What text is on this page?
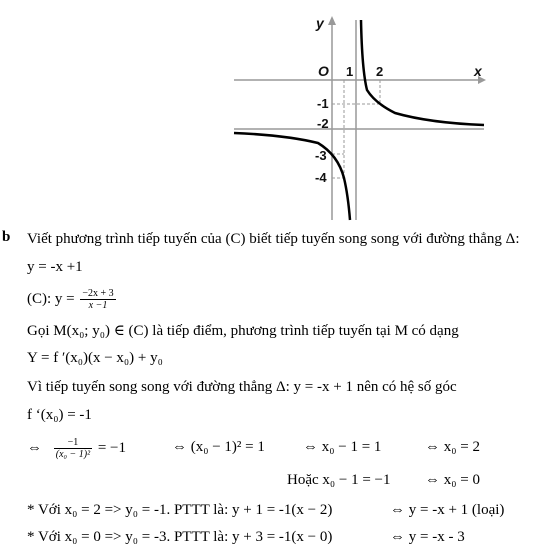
y
x
O 1 2
-1
-2
-3
-4
b Viết phương trình tiếp tuyến của (C) biết tiếp tuyến song song với đường thẳng Δ:
y = -x +1
(C): $y = \frac{-2x + 3}{x -1}$
Gọi M(x₀; y₀) ∈ (C) là tiếp điểm, phương trình tiếp tuyến tại M có dạng
Y = f ′(x₀)(x − x₀) + y₀
Vì tiếp tuyến song song với đường thẳng Δ: y = -x + 1 nên có hệ số góc
f ‘(x₀) = -1
⇔ $\frac{-1}{\text{(x₀ − 1)²}} = -1$	⇔ (x₀ − 1)² = 1	⇔ x₀ − 1 = 1	⇔ x₀ = 2
Hoặc x₀ − 1 = −1 ⇔ x₀ = 0
* Với x₀ = 2 => y₀ = -1. PTTT là: y + 1 = -1(x − 2)	⇔ y = -x + 1 (loại)
* Với x₀ = 0 => y₀ = -3. PTTT là: y + 3 = -1(x − 0)	⇔ y = -x - 3
